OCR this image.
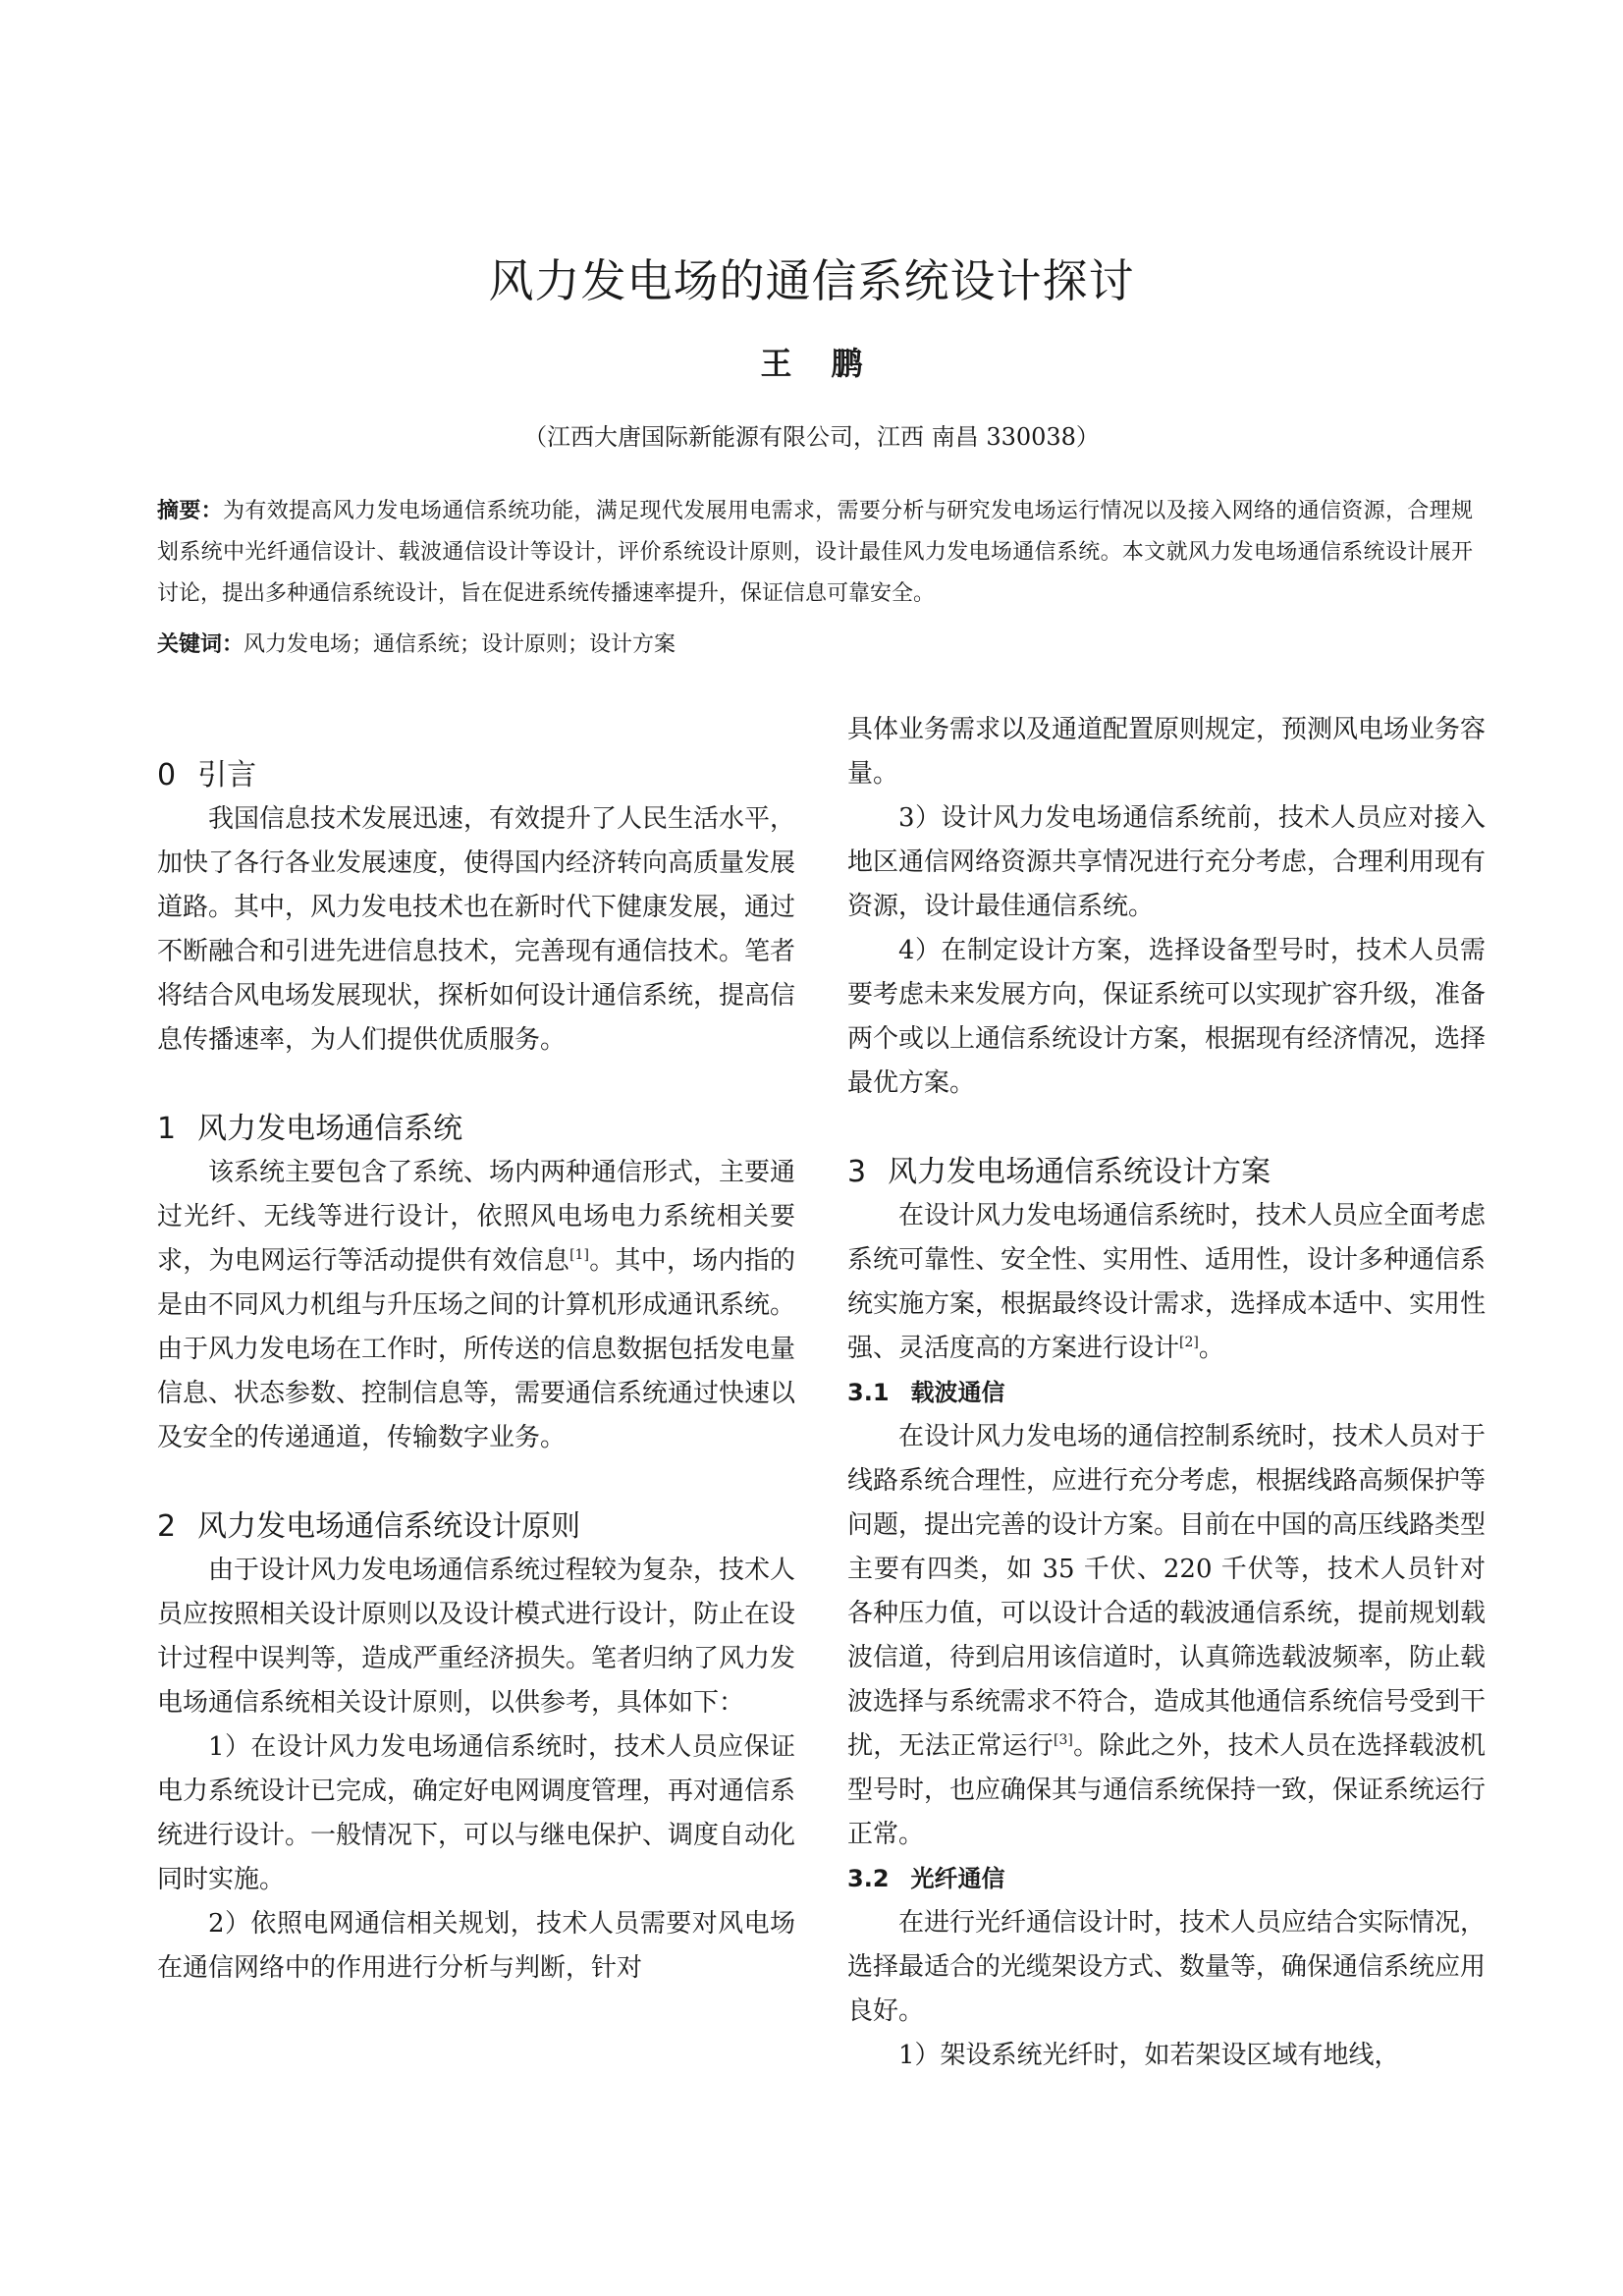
风力发电场的通信系统设计探讨
王鹏
（江西大唐国际新能源有限公司，江西 南昌 330038）
摘要：为有效提高风力发电场通信系统功能，满足现代发展用电需求，需要分析与研究发电场运行情况以及接入网络的通信资源，合理规划系统中光纤通信设计、载波通信设计等设计，评价系统设计原则，设计最佳风力发电场通信系统。本文就风力发电场通信系统设计展开讨论，提出多种通信系统设计，旨在促进系统传播速率提升，保证信息可靠安全。
关键词：风力发电场；通信系统；设计原则；设计方案
0 引言

我国信息技术发展迅速，有效提升了人民生活水平，加快了各行各业发展速度，使得国内经济转向高质量发展道路。其中，风力发电技术也在新时代下健康发展，通过不断融合和引进先进信息技术，完善现有通信技术。笔者将结合风电场发展现状，探析如何设计通信系统，提高信息传播速率，为人们提供优质服务。

1 风力发电场通信系统

该系统主要包含了系统、场内两种通信形式，主要通过光纤、无线等进行设计，依照风电场电力系统相关要求，为电网运行等活动提供有效信息[1]。其中，场内指的是由不同风力机组与升压场之间的计算机形成通讯系统。由于风力发电场在工作时，所传送的信息数据包括发电量信息、状态参数、控制信息等，需要通信系统通过快速以及安全的传递通道，传输数字业务。

2 风力发电场通信系统设计原则

由于设计风力发电场通信系统过程较为复杂，技术人员应按照相关设计原则以及设计模式进行设计，防止在设计过程中误判等，造成严重经济损失。笔者归纳了风力发电场通信系统相关设计原则，以供参考，具体如下：

1）在设计风力发电场通信系统时，技术人员应保证电力系统设计已完成，确定好电网调度管理，再对通信系统进行设计。一般情况下，可以与继电保护、调度自动化同时实施。

2）依照电网通信相关规划，技术人员需要对风电场在通信网络中的作用进行分析与判断，针对

具体业务需求以及通道配置原则规定，预测风电场业务容量。

3）设计风力发电场通信系统前，技术人员应对接入地区通信网络资源共享情况进行充分考虑，合理利用现有资源，设计最佳通信系统。

4）在制定设计方案，选择设备型号时，技术人员需要考虑未来发展方向，保证系统可以实现扩容升级，准备两个或以上通信系统设计方案，根据现有经济情况，选择最优方案。

3 风力发电场通信系统设计方案

在设计风力发电场通信系统时，技术人员应全面考虑系统可靠性、安全性、实用性、适用性，设计多种通信系统实施方案，根据最终设计需求，选择成本适中、实用性强、灵活度高的方案进行设计[2]。

3.1 载波通信

在设计风力发电场的通信控制系统时，技术人员对于线路系统合理性，应进行充分考虑，根据线路高频保护等问题，提出完善的设计方案。目前在中国的高压线路类型主要有四类，如 35 千伏、220 千伏等，技术人员针对各种压力值，可以设计合适的载波通信系统，提前规划载波信道，待到启用该信道时，认真筛选载波频率，防止载波选择与系统需求不符合，造成其他通信系统信号受到干扰，无法正常运行[3]。除此之外，技术人员在选择载波机型号时，也应确保其与通信系统保持一致，保证系统运行正常。

3.2 光纤通信

在进行光纤通信设计时，技术人员应结合实际情况，选择最适合的光缆架设方式、数量等，确保通信系统应用良好。

1）架设系统光纤时，如若架设区域有地线，
